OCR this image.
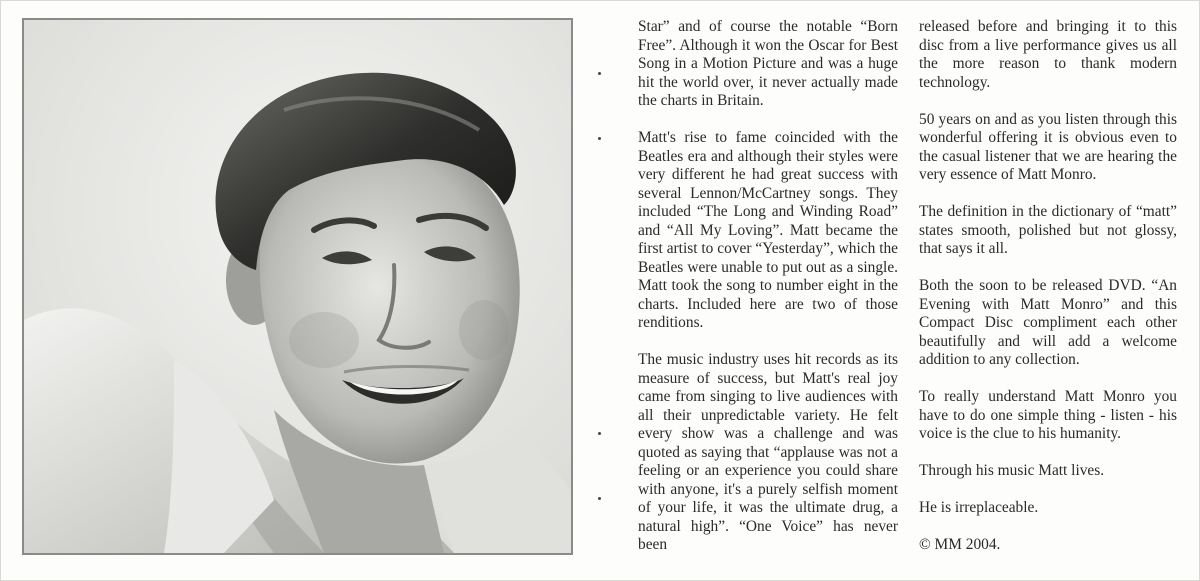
Star” and of course the notable “Born Free”. Although it won the Oscar for Best Song in a Motion Picture and was a huge hit the world over, it never actually made the charts in Britain.

Matt's rise to fame coincided with the Beatles era and although their styles were very different he had great success with several Lennon/McCartney songs. They included “The Long and Winding Road” and “All My Loving”. Matt became the first artist to cover “Yesterday”, which the Beatles were unable to put out as a single. Matt took the song to number eight in the charts. Included here are two of those renditions.

The music industry uses hit records as its measure of success, but Matt's real joy came from singing to live audiences with all their unpredictable variety. He felt every show was a challenge and was quoted as saying that “applause was not a feeling or an experience you could share with anyone, it's a purely selfish moment of your life, it was the ultimate drug, a natural high”. “One Voice” has never been

released before and bringing it to this disc from a live performance gives us all the more reason to thank modern technology.

50 years on and as you listen through this wonderful offering it is obvious even to the casual listener that we are hearing the very essence of Matt Monro.

The definition in the dictionary of “matt” states smooth, polished but not glossy, that says it all.

Both the soon to be released DVD. “An Evening with Matt Monro” and this Compact Disc compliment each other beautifully and will add a welcome addition to any collection.

To really understand Matt Monro you have to do one simple thing - listen - his voice is the clue to his humanity.

Through his music Matt lives.

He is irreplaceable.

© MM 2004.
